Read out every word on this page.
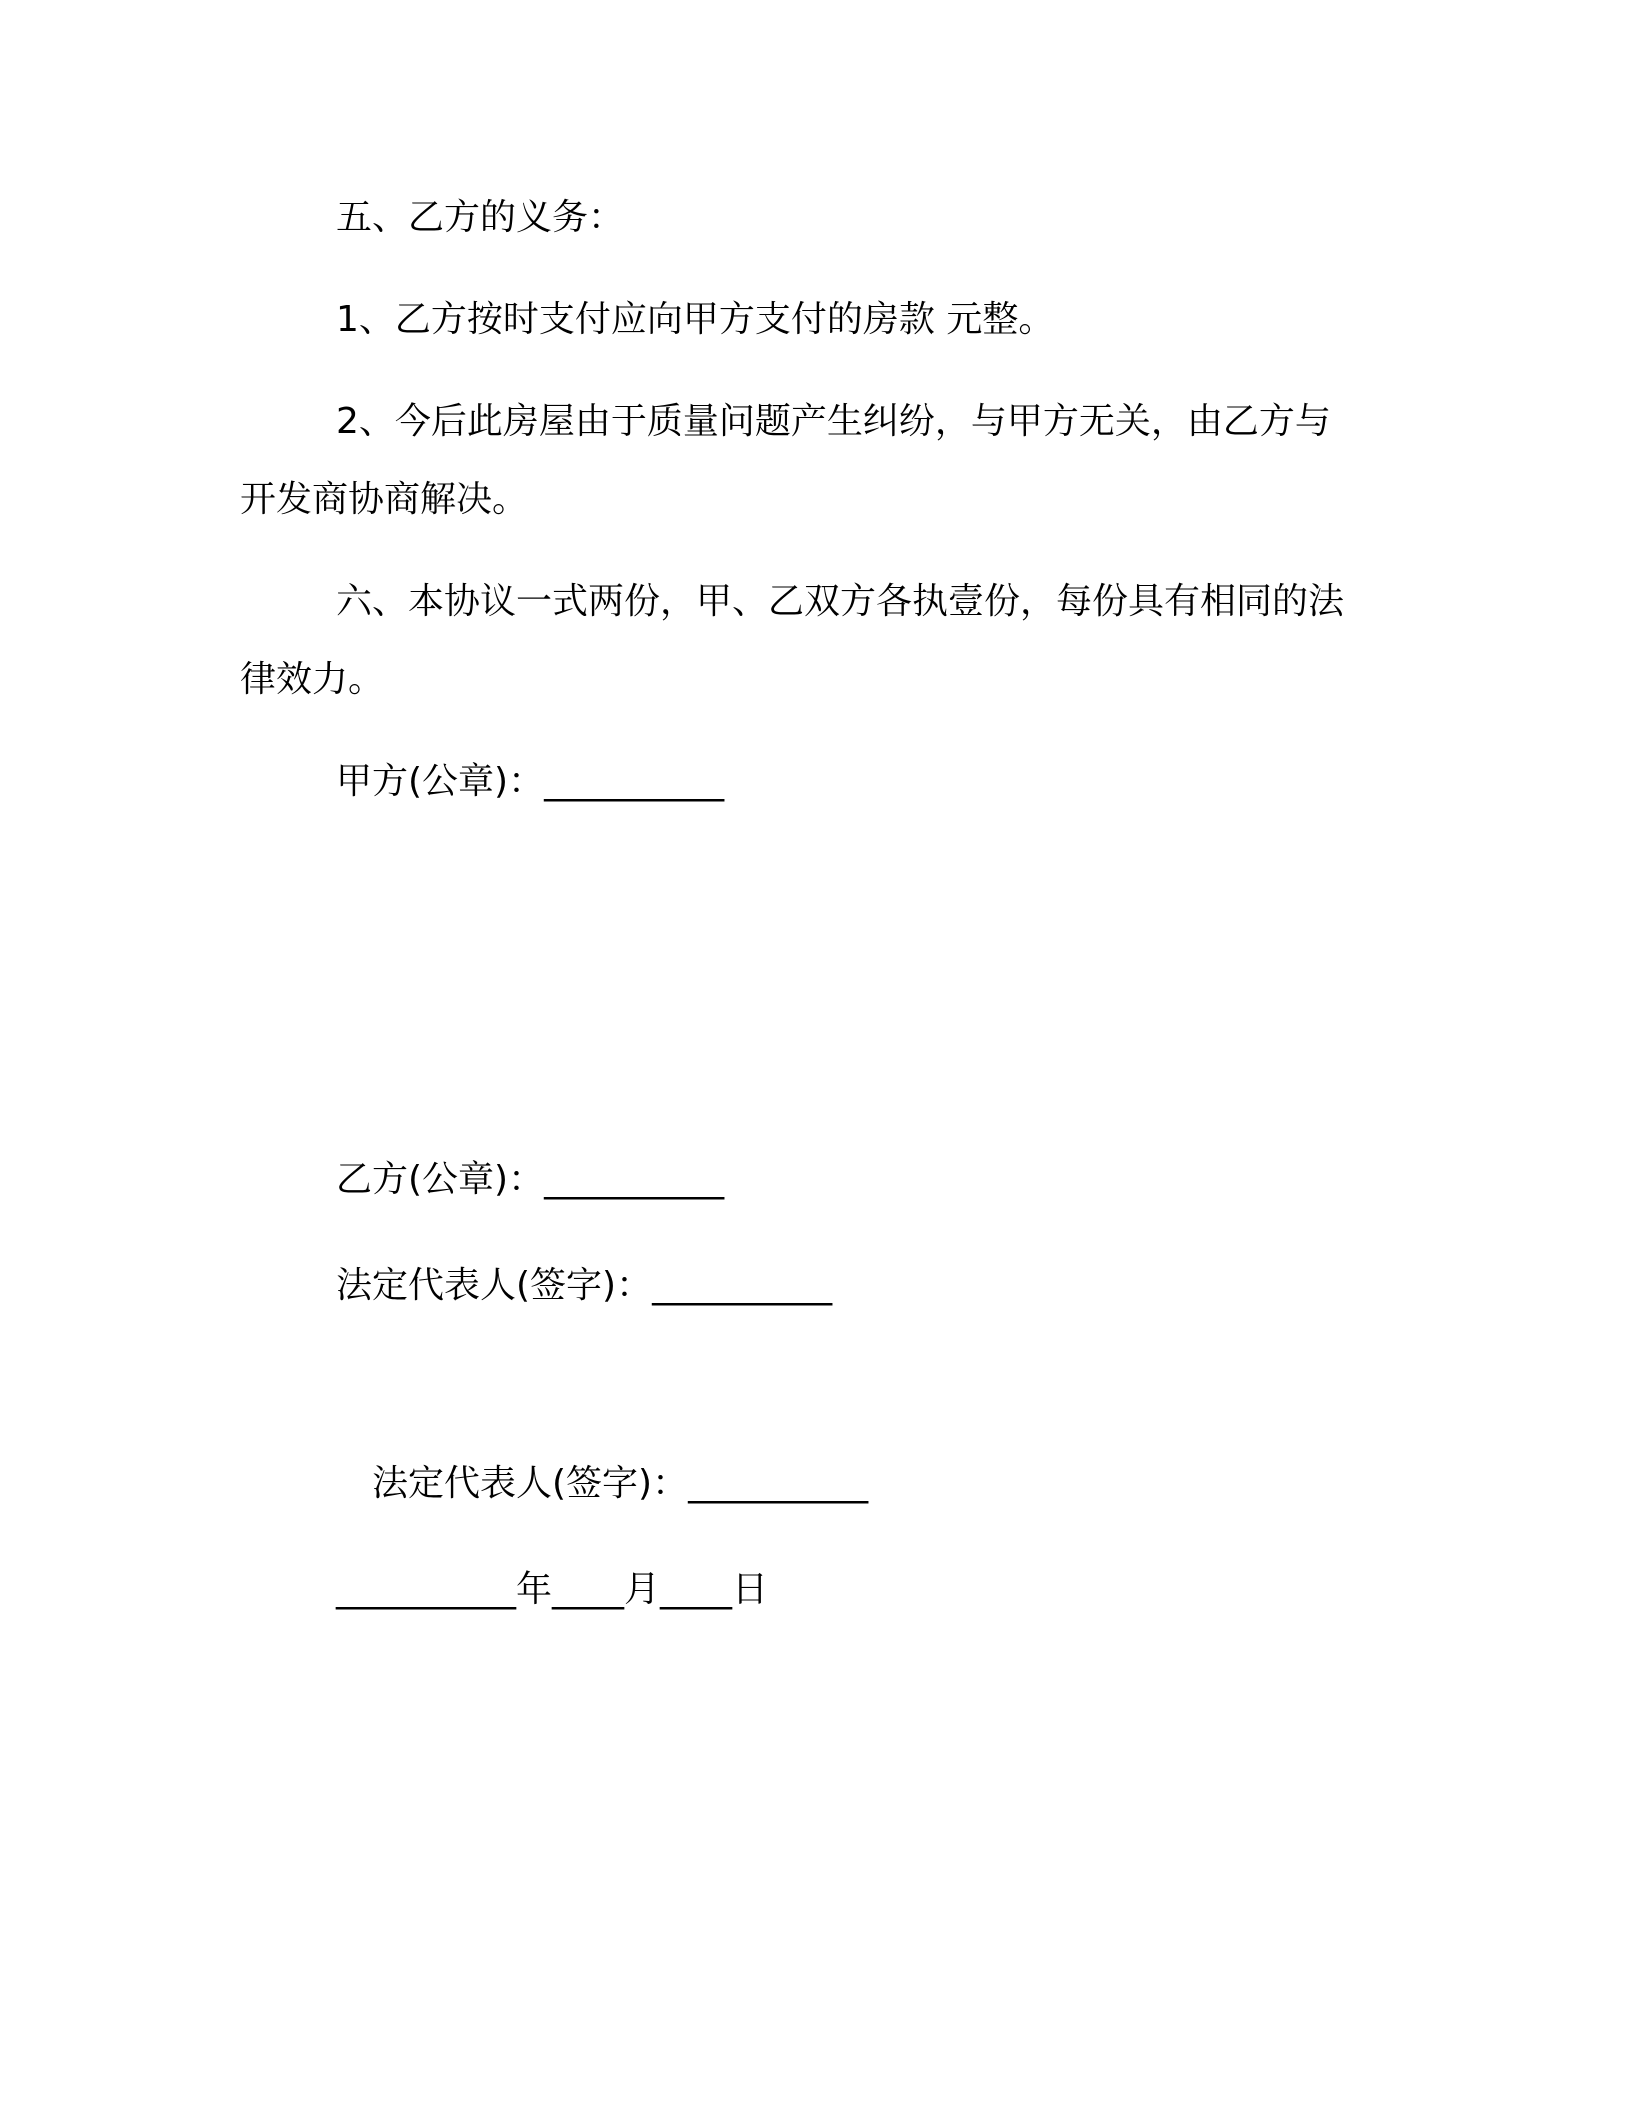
五、乙方的义务：
1、乙方按时支付应向甲方支付的房款 元整。
2、今后此房屋由于质量问题产生纠纷，与甲方无关，由乙方与
开发商协商解决。
六、本协议一式两份，甲、乙双方各执壹份，每份具有相同的法
律效力。
甲方(公章)：__________
乙方(公章)：__________
法定代表人(签字)：__________
法定代表人(签字)：__________
__________年____月____日
